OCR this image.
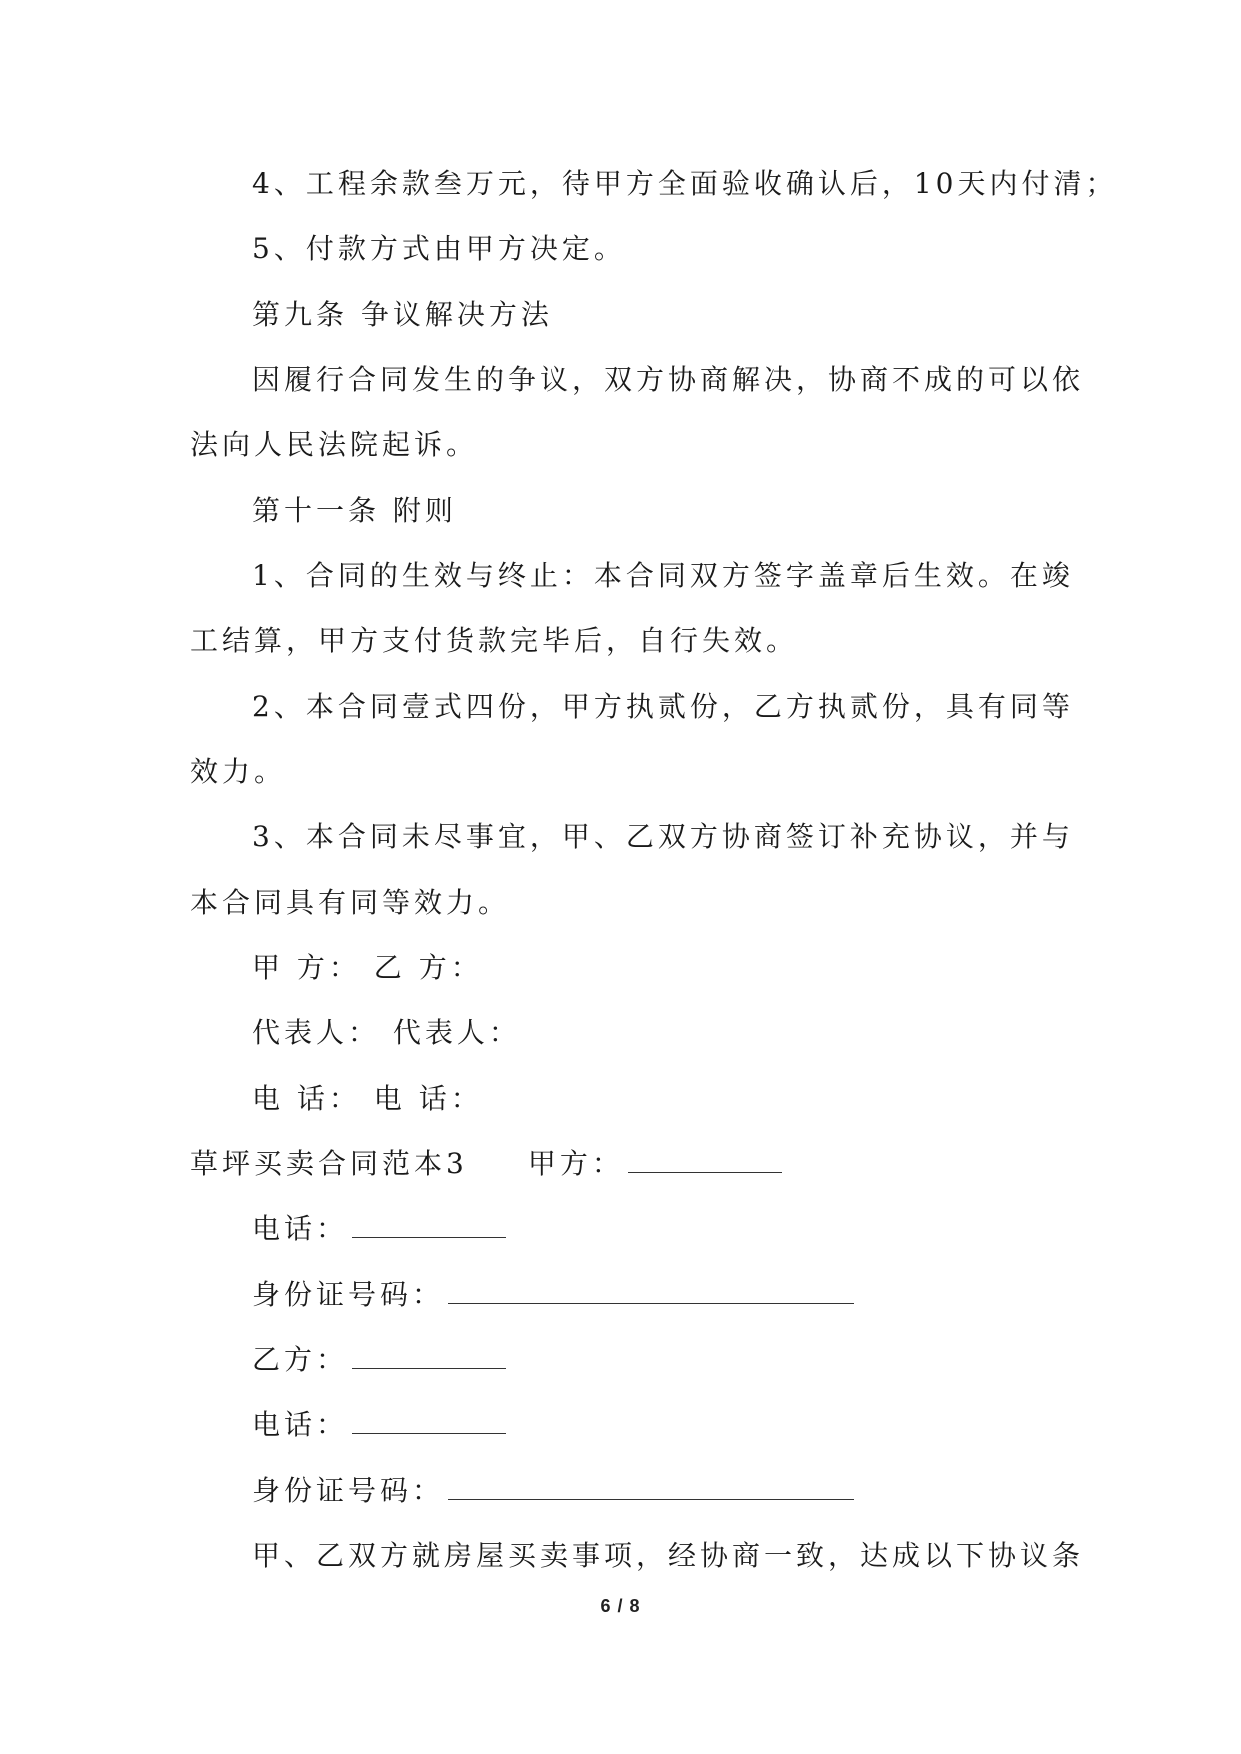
4、工程余款叁万元，待甲方全面验收确认后，10天内付清；
5、付款方式由甲方决定。
第九条 争议解决方法
因履行合同发生的争议，双方协商解决，协商不成的可以依
法向人民法院起诉。
第十一条 附则
1、合同的生效与终止：本合同双方签字盖章后生效。在竣
工结算，甲方支付货款完毕后，自行失效。
2、本合同壹式四份，甲方执贰份，乙方执贰份，具有同等
效力。
3、本合同未尽事宜，甲、乙双方协商签订补充协议，并与
本合同具有同等效力。
甲 方： 乙 方：
代表人： 代表人：
电 话： 电 话：
草坪买卖合同范本3 甲方：
电话：
身份证号码：
乙方：
电话：
身份证号码：
甲、乙双方就房屋买卖事项，经协商一致，达成以下协议条
6 / 8
